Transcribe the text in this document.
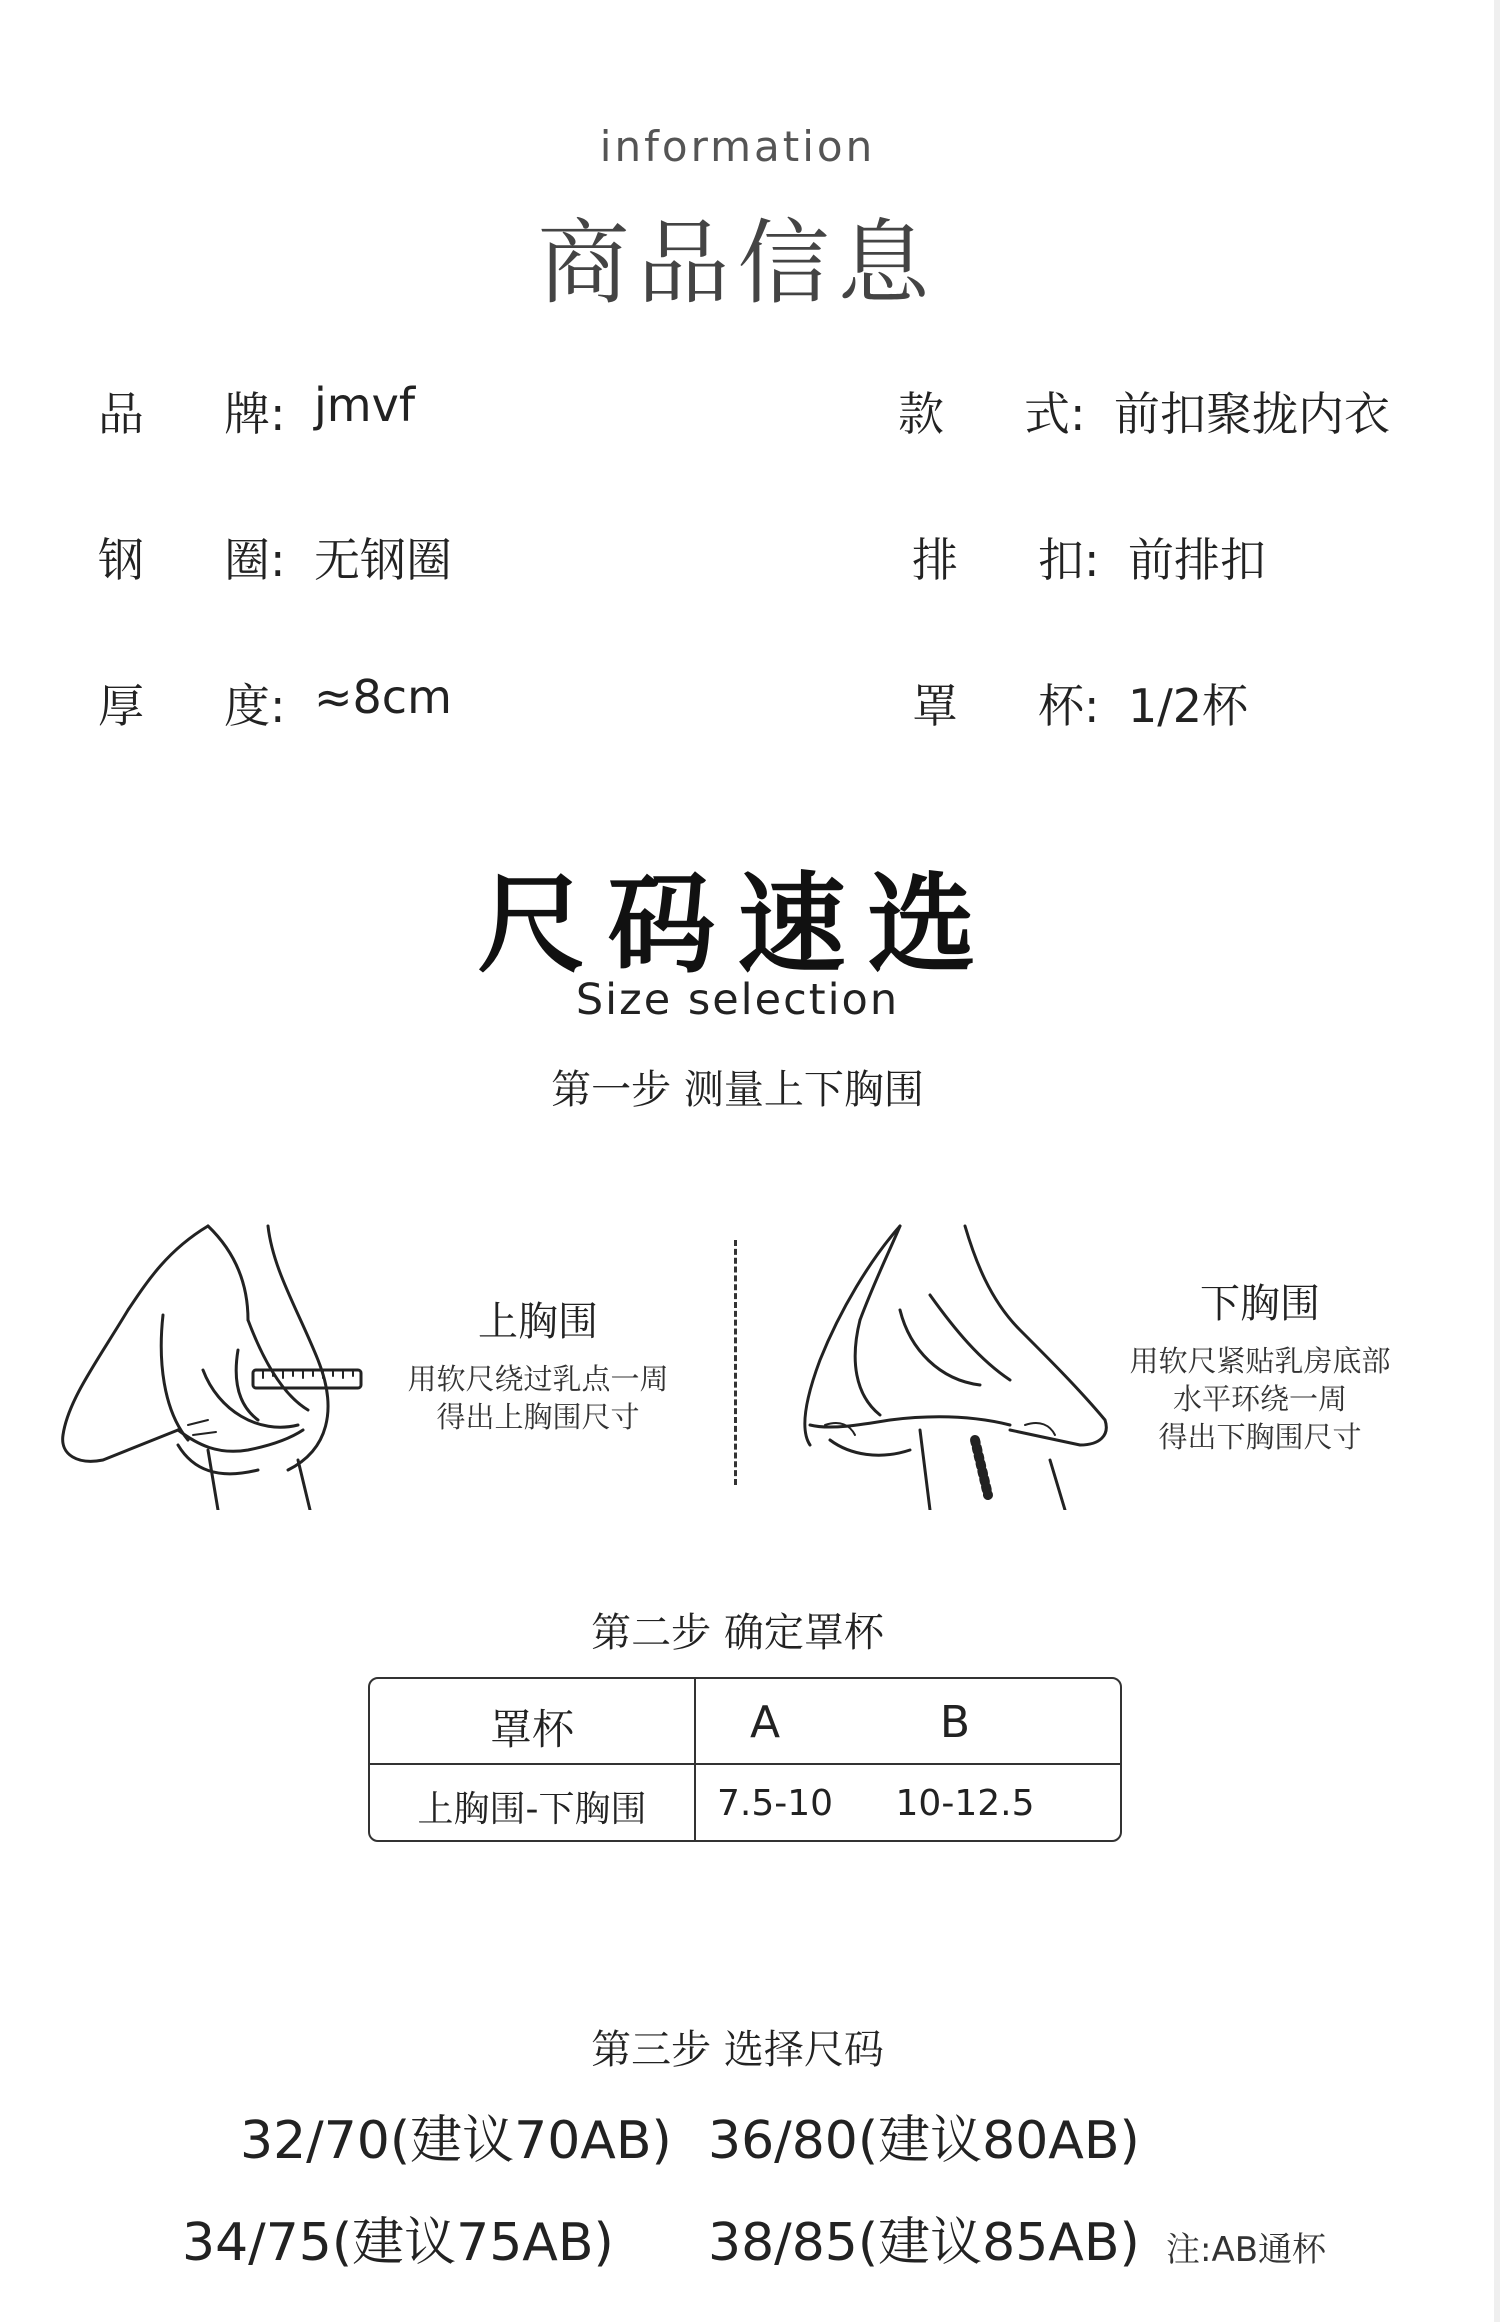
information
商品信息
品 牌: jmvf	款 式: 前扣聚拢内衣
钢 圈: 无钢圈	排 扣: 前排扣
厚 度: ≈8cm	罩 杯: 1/2杯
尺码速选
Size selection
第一步 测量上下胸围
上胸围
用软尺绕过乳点一周
得出上胸围尺寸
下胸围
用软尺紧贴乳房底部
水平环绕一周
得出下胸围尺寸
第二步 确定罩杯
罩杯	A	B
上胸围-下胸围	7.5-10	10-12.5
第三步 选择尺码
32/70(建议70AB) 36/80(建议80AB)
34/75(建议75AB) 38/85(建议85AB) 注:AB通杯
